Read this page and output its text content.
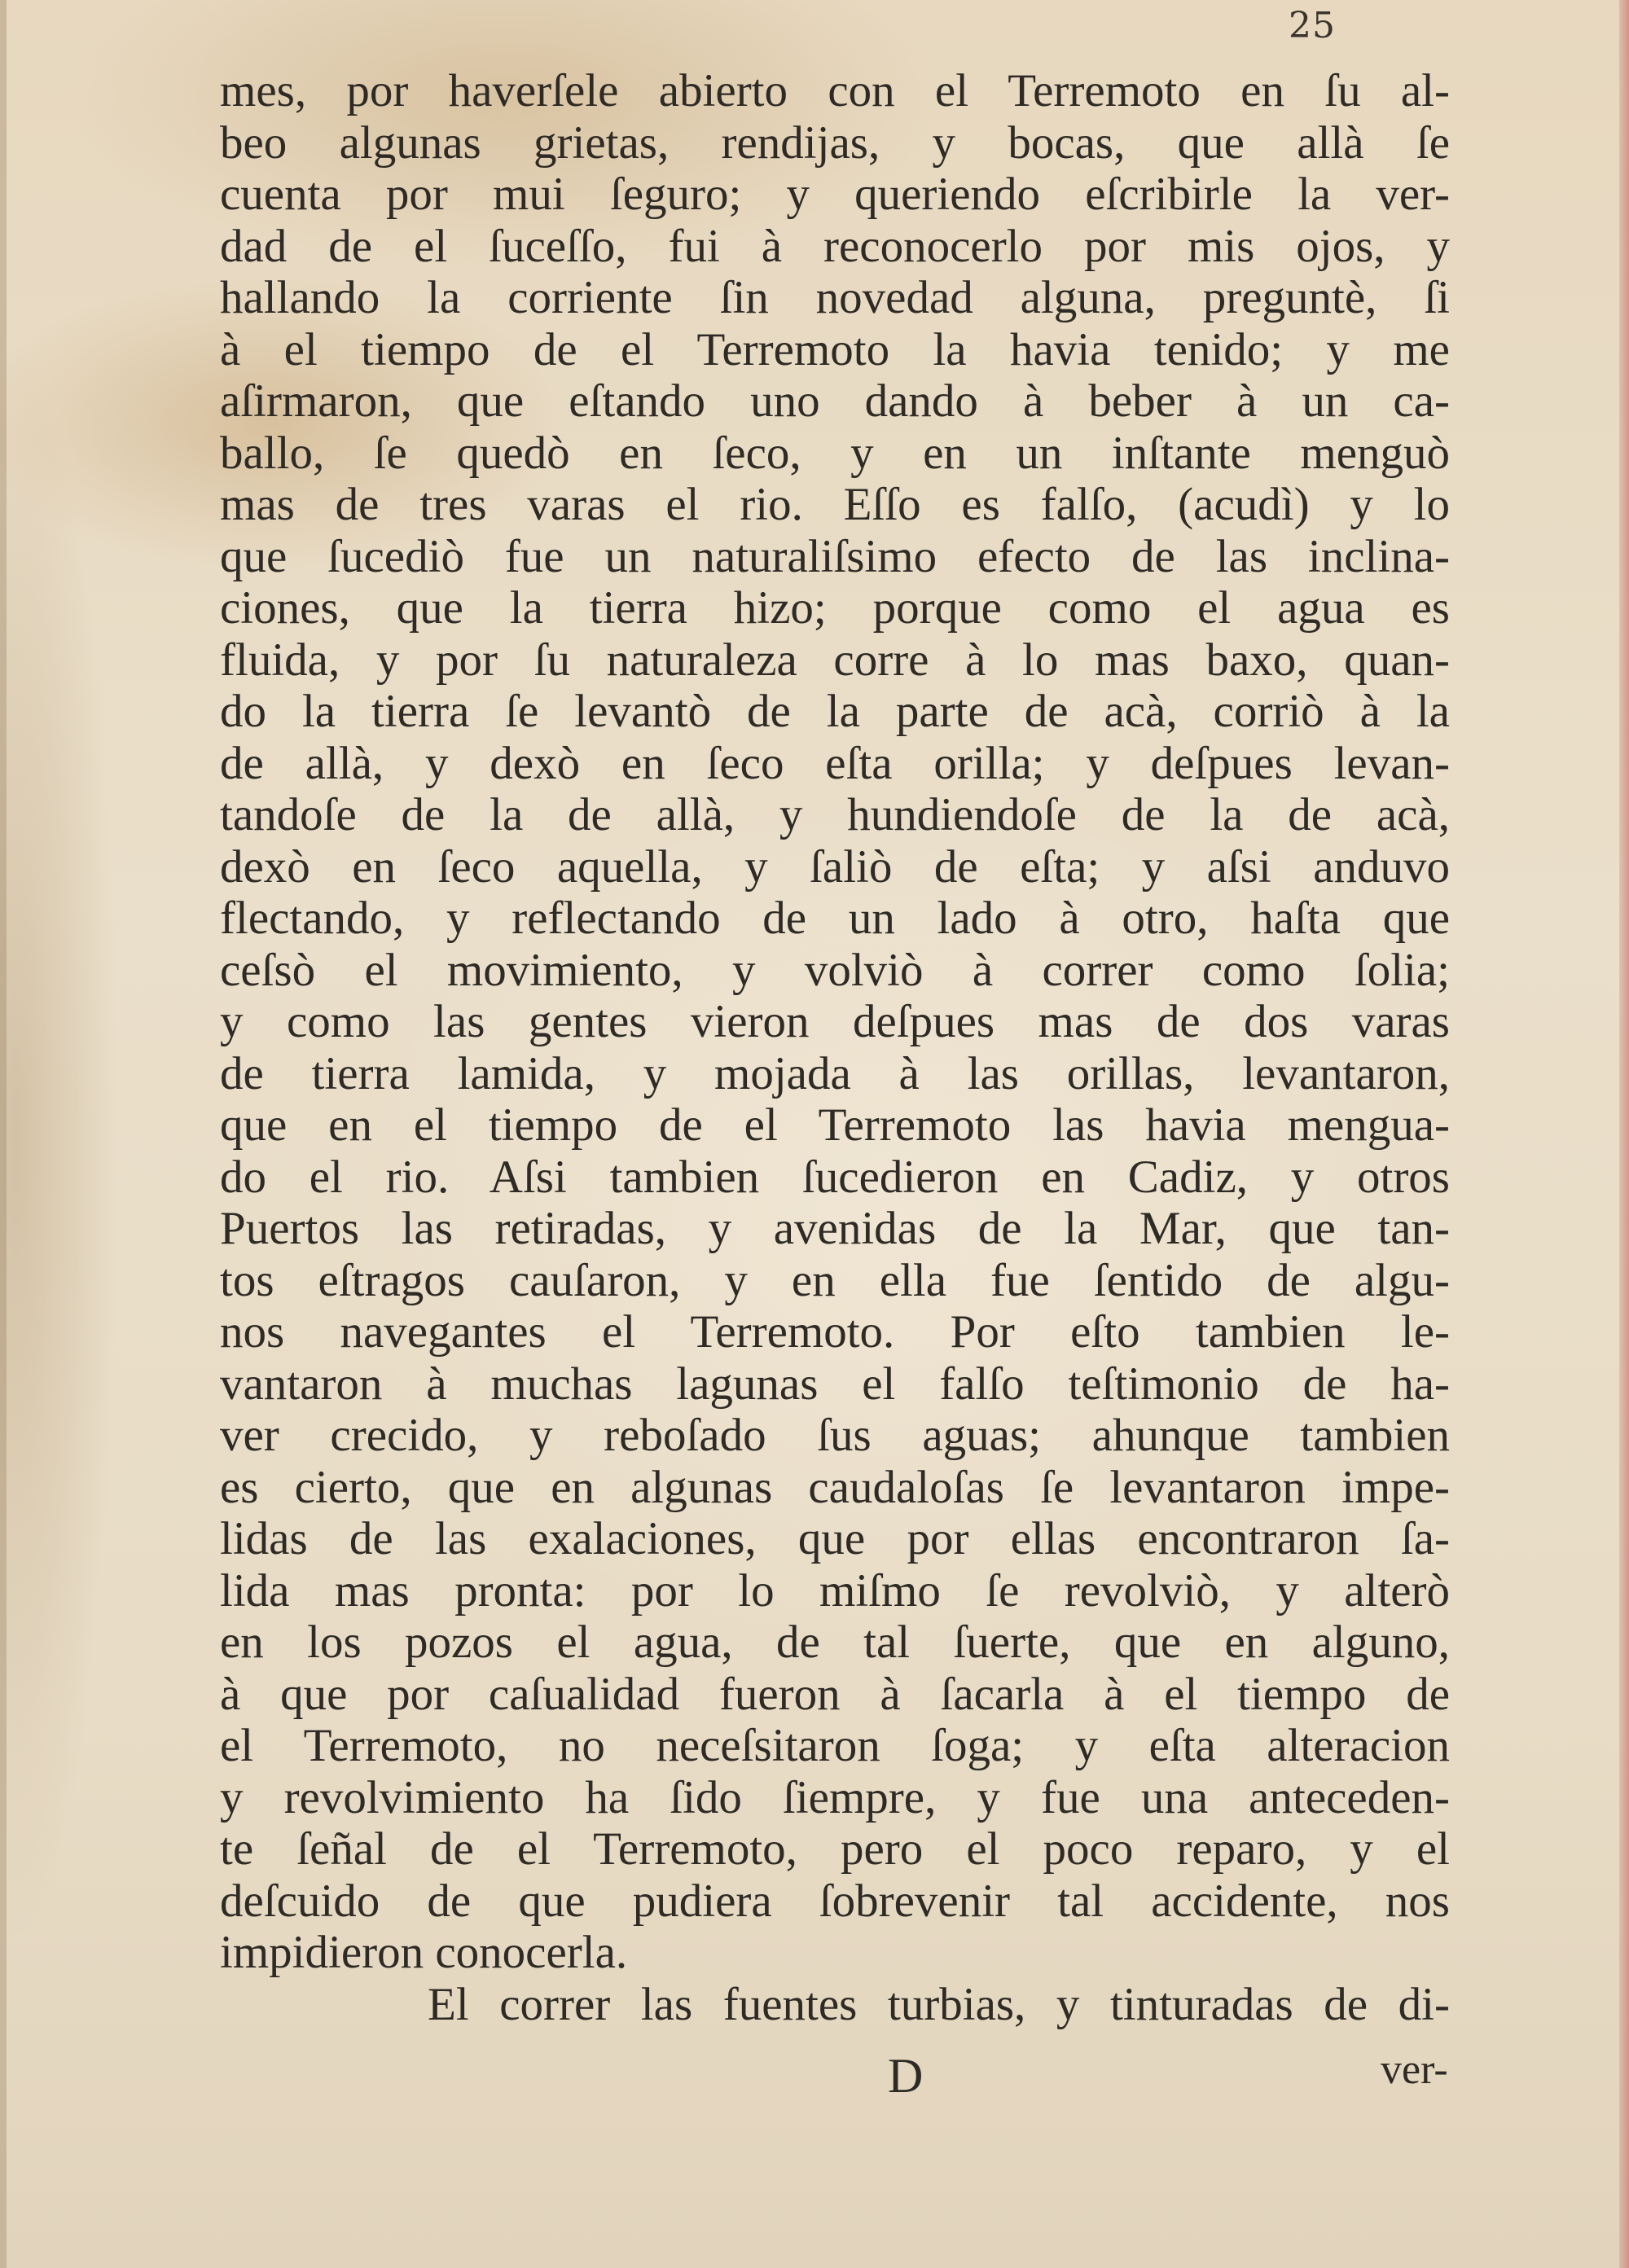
25
mes, por haverſele abierto con el Terremoto en ſu al-
beo algunas grietas, rendijas, y bocas, que allà ſe
cuenta por mui ſeguro; y queriendo eſcribirle la ver-
dad de el ſuceſſo, fui à reconocerlo por mis ojos, y
hallando la corriente ſin novedad alguna, preguntè, ſi
à el tiempo de el Terremoto la havia tenido; y me
aſirmaron, que eſtando uno dando à beber à un ca-
ballo, ſe quedò en ſeco, y en un inſtante menguò
mas de tres varas el rio. Eſſo es falſo, (acudì) y lo
que ſucediò fue un naturaliſsimo efecto de las inclina-
ciones, que la tierra hizo; porque como el agua es
fluida, y por ſu naturaleza corre à lo mas baxo, quan-
do la tierra ſe levantò de la parte de acà, corriò à la
de allà, y dexò en ſeco eſta orilla; y deſpues levan-
tandoſe de la de allà, y hundiendoſe de la de acà,
dexò en ſeco aquella, y ſaliò de eſta; y aſsi anduvo
flectando, y reflectando de un lado à otro, haſta que
ceſsò el movimiento, y volviò à correr como ſolia;
y como las gentes vieron deſpues mas de dos varas
de tierra lamida, y mojada à las orillas, levantaron,
que en el tiempo de el Terremoto las havia mengua-
do el rio. Aſsi tambien ſucedieron en Cadiz, y otros
Puertos las retiradas, y avenidas de la Mar, que tan-
tos eſtragos cauſaron, y en ella fue ſentido de algu-
nos navegantes el Terremoto. Por eſto tambien le-
vantaron à muchas lagunas el falſo teſtimonio de ha-
ver crecido, y reboſado ſus aguas; ahunque tambien
es cierto, que en algunas caudaloſas ſe levantaron impe-
lidas de las exalaciones, que por ellas encontraron ſa-
lida mas pronta: por lo miſmo ſe revolviò, y alterò
en los pozos el agua, de tal ſuerte, que en alguno,
à que por caſualidad fueron à ſacarla à el tiempo de
el Terremoto, no neceſsitaron ſoga; y eſta alteracion
y revolvimiento ha ſido ſiempre, y fue una anteceden-
te ſeñal de el Terremoto, pero el poco reparo, y el
deſcuido de que pudiera ſobrevenir tal accidente, nos
impidieron conocerla.
El correr las fuentes turbias, y tinturadas de di-
D	ver-
